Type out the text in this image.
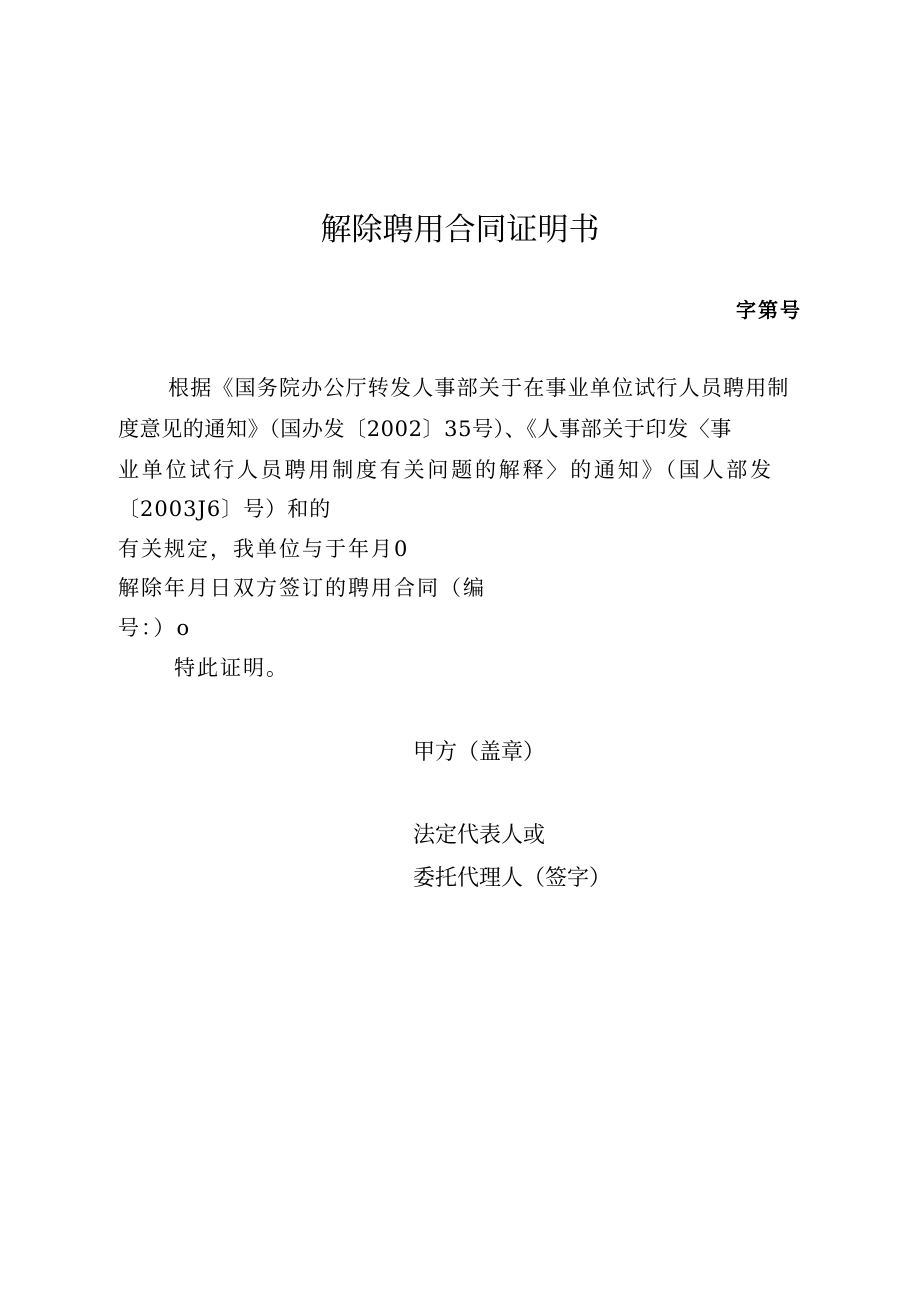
解除聘用合同证明书
字第号
根据《国务院办公厅转发人事部关于在事业单位试行人员聘用制
度意见的通知》（国办发〔2002〕35号）、《人事部关于印发〈事
业单位试行人员聘用制度有关问题的解释〉的通知》（国人部发
〔2003J6〕号）和的
有关规定，我单位与于年月0
解除年月日双方签订的聘用合同（编
号：）o
特此证明。
甲方（盖章）
法定代表人或
委托代理人（签字）
